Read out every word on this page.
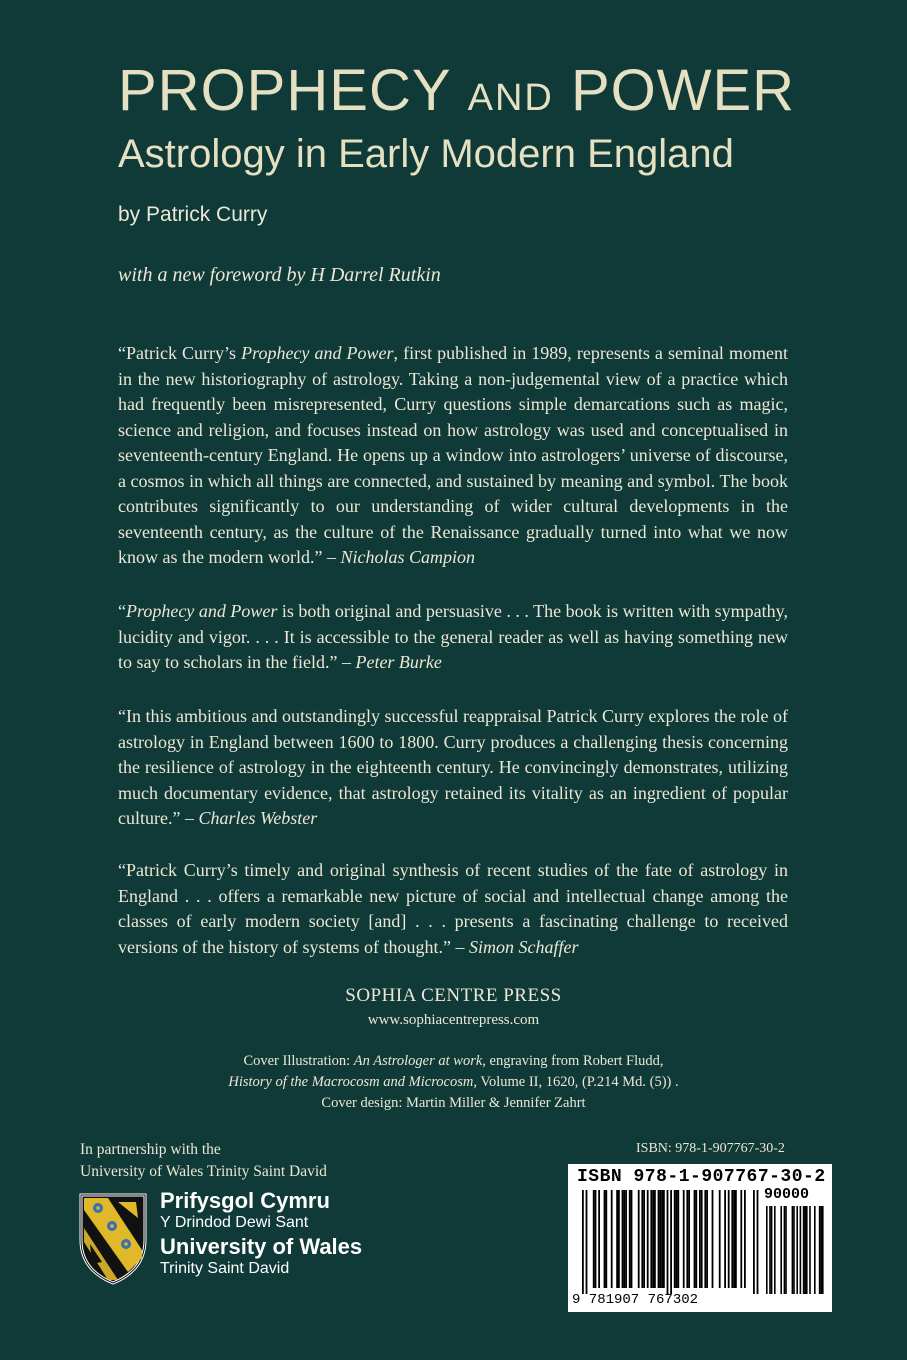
PROPHECY AND POWER
Astrology in Early Modern England
by Patrick Curry
with a new foreword by H Darrel Rutkin

“Patrick Curry’s Prophecy and Power, first published in 1989, represents a seminal moment in the new historiography of astrology. Taking a non-judgemental view of a practice which had frequently been misrepresented, Curry questions simple demarcations such as magic, science and religion, and focuses instead on how astrology was used and conceptualised in seventeenth-century England. He opens up a window into astrologers’ universe of discourse, a cosmos in which all things are connected, and sustained by meaning and symbol. The book contributes significantly to our understanding of wider cultural developments in the seventeenth century, as the culture of the Renaissance gradually turned into what we now know as the modern world.” – Nicholas Campion

“Prophecy and Power is both original and persuasive . . . The book is written with sympathy, lucidity and vigor. . . . It is accessible to the general reader as well as having something new to say to scholars in the field.” – Peter Burke

“In this ambitious and outstandingly successful reappraisal Patrick Curry explores the role of astrology in England between 1600 to 1800. Curry produces a challenging thesis concerning the resilience of astrology in the eighteenth century. He convincingly demonstrates, utilizing much documentary evidence, that astrology retained its vitality as an ingredient of popular culture.” – Charles Webster

“Patrick Curry’s timely and original synthesis of recent studies of the fate of astrology in England . . . offers a remarkable new picture of social and intellectual change among the classes of early modern society [and] . . . presents a fascinating challenge to received versions of the history of systems of thought.” – Simon Schaffer

SOPHIA CENTRE PRESS
www.sophiacentrepress.com
Cover Illustration: An Astrologer at work, engraving from Robert Fludd,
History of the Macrocosm and Microcosm, Volume II, 1620, (P.214 Md. (5)) .
Cover design: Martin Miller & Jennifer Zahrt
In partnership with the
University of Wales Trinity Saint David
Prifysgol Cymru
Y Drindod Dewi Sant
University of Wales
Trinity Saint David
ISBN: 978-1-907767-30-2
ISBN 978-1-907767-30-2
90000
9 781907 767302
